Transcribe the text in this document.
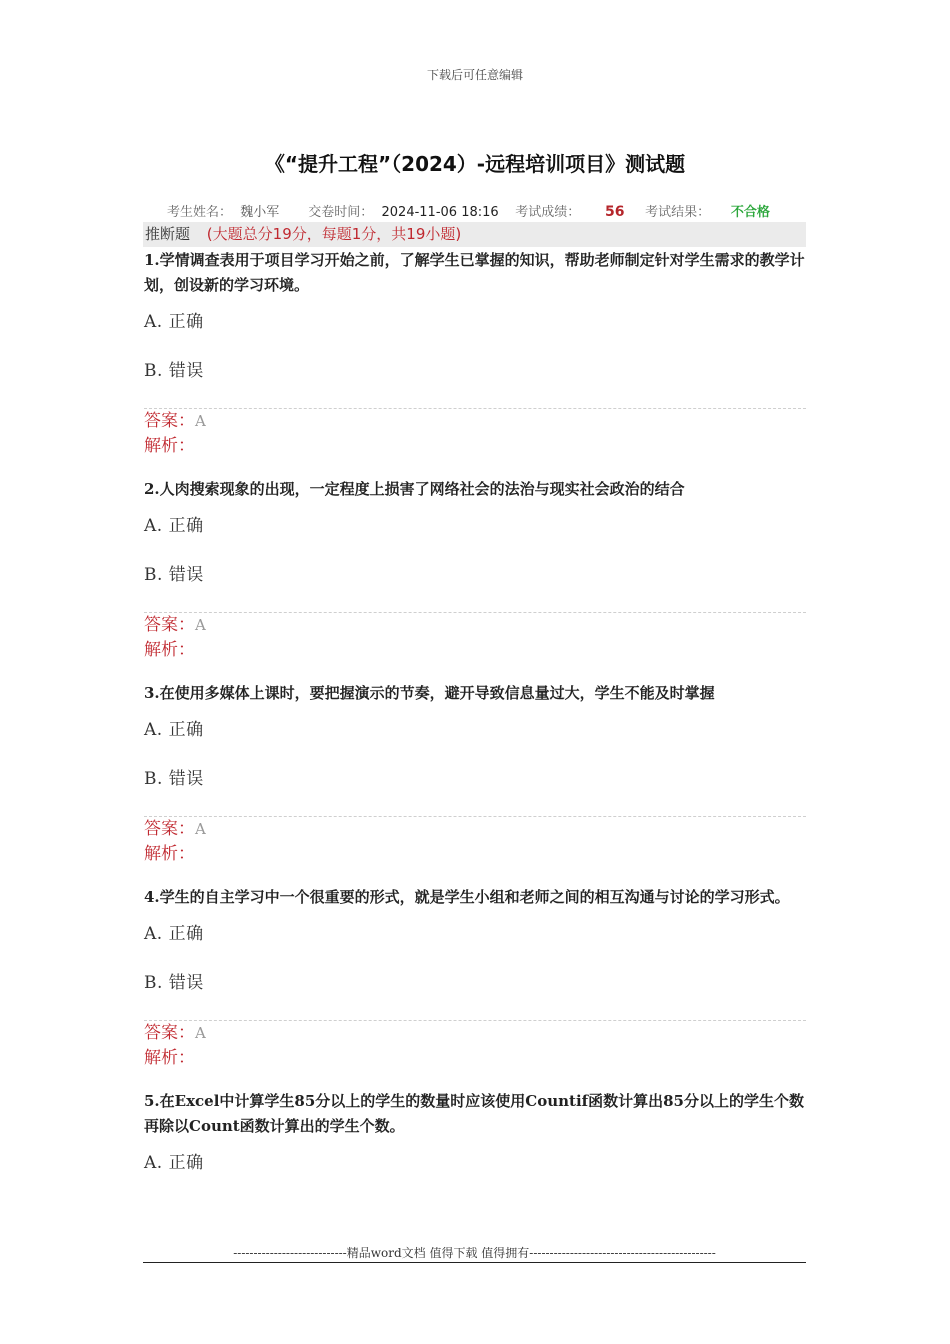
下载后可任意编辑
《“提升工程”（2024）-远程培训项目》测试题
考生姓名： 魏小军 交卷时间： 2024-11-06 18:16 考试成绩： 56 考试结果： 不合格
推断题 (大题总分19分，每题1分，共19小题)

1.学情调查表用于项目学习开始之前，了解学生已掌握的知识，帮助老师制定针对学生需求的教学计划，创设新的学习环境。

A. 正确
B. 错误
答案：A
解析：

2.人肉搜索现象的出现，一定程度上损害了网络社会的法治与现实社会政治的结合

A. 正确
B. 错误
答案：A
解析：

3.在使用多媒体上课时，要把握演示的节奏，避开导致信息量过大，学生不能及时掌握

A. 正确
B. 错误
答案：A
解析：

4.学生的自主学习中一个很重要的形式，就是学生小组和老师之间的相互沟通与讨论的学习形式。

A. 正确
B. 错误
答案：A
解析：

5.在Excel中计算学生85分以上的学生的数量时应该使用Countif函数计算出85分以上的学生个数再除以Count函数计算出的学生个数。

A. 正确
----------------------------精品word文档 值得下载 值得拥有----------------------------------------------
